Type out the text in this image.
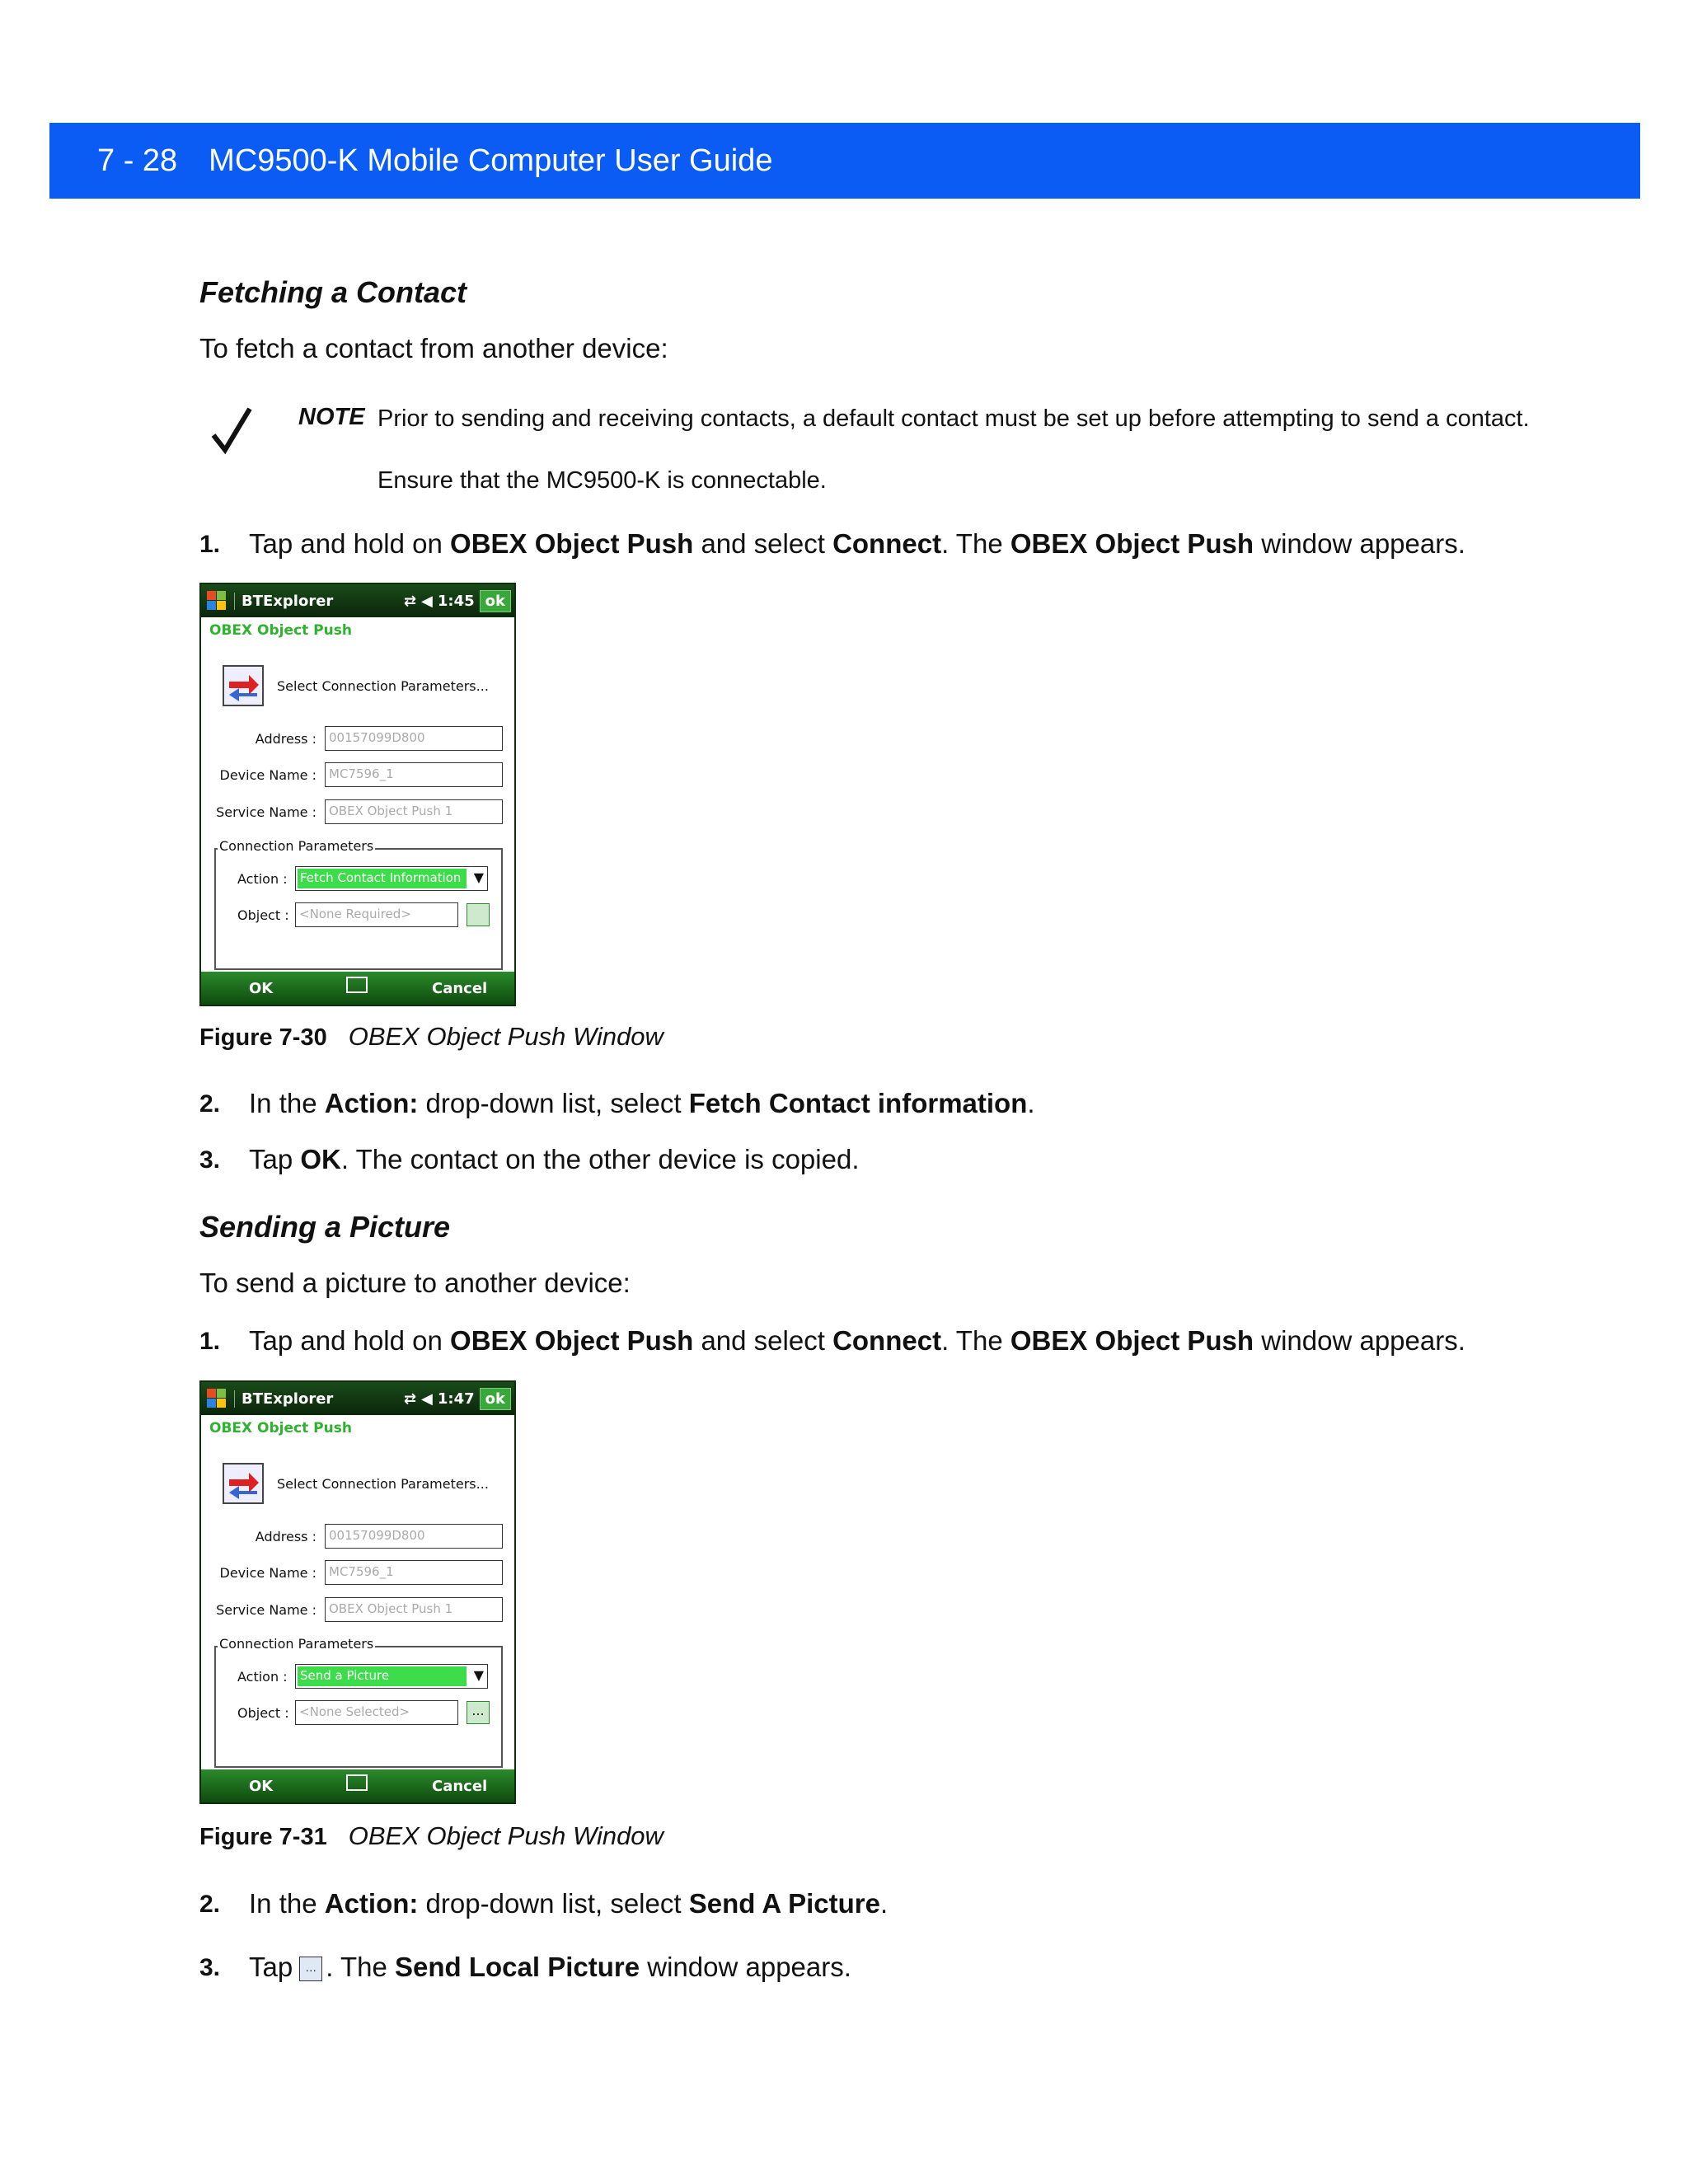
7 - 28 MC9500-K Mobile Computer User Guide
Fetching a Contact
To fetch a contact from another device:
NOTE Prior to sending and receiving contacts, a default contact must be set up before attempting to send a contact.
Ensure that the MC9500-K is connectable.
1. Tap and hold on OBEX Object Push and select Connect. The OBEX Object Push window appears.
BTExplorer	⇄ ◀ 1:45 ok
OBEX Object Push
Select Connection Parameters...
Address :	00157099D800
Device Name :	MC7596_1
Service Name :	OBEX Object Push 1
Connection Parameters
Action : Fetch Contact Information ▼
Object : <None Required>
OK	Cancel
Figure 7-30 OBEX Object Push Window
2. In the Action: drop-down list, select Fetch Contact information.
3. Tap OK. The contact on the other device is copied.
Sending a Picture
To send a picture to another device:
1. Tap and hold on OBEX Object Push and select Connect. The OBEX Object Push window appears.
BTExplorer	⇄ ◀ 1:47 ok
OBEX Object Push
Select Connection Parameters...
Address :	00157099D800
Device Name :	MC7596_1
Service Name :	OBEX Object Push 1
Connection Parameters
Action : Send a Picture	▼
Object : <None Selected>	...
OK	Cancel
Figure 7-31 OBEX Object Push Window
2. In the Action: drop-down list, select Send A Picture.
3. Tap … . The Send Local Picture window appears.
